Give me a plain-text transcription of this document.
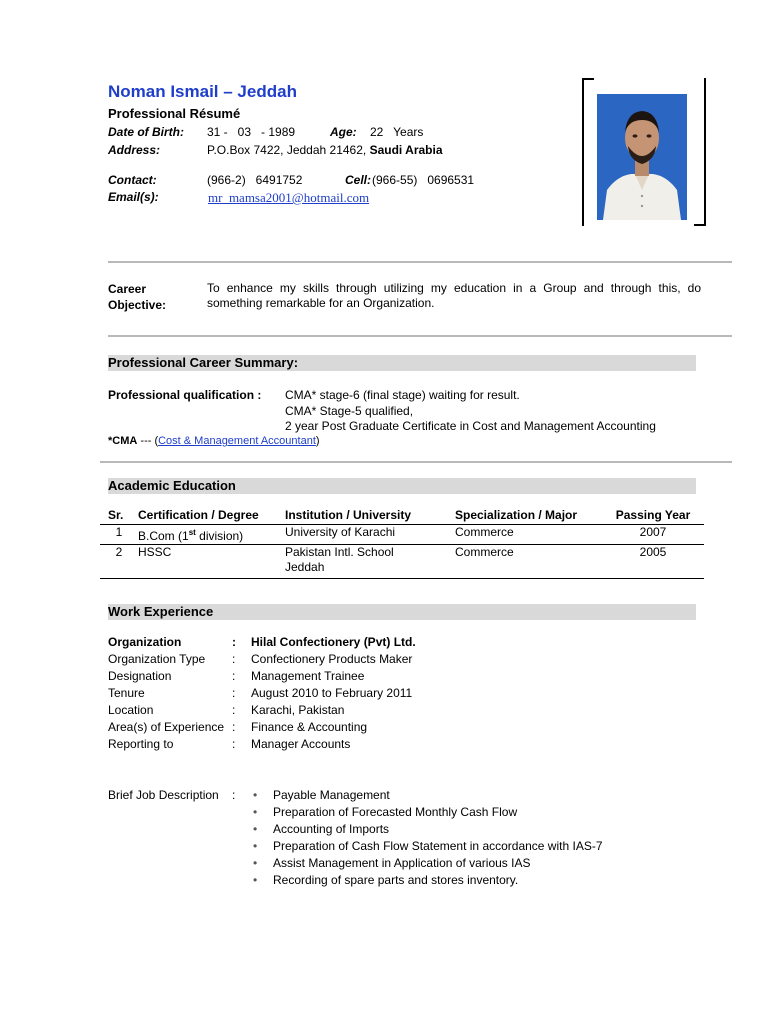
Noman Ismail – Jeddah
Professional Résumé
Date of Birth: 31 -   03   - 1989	Age: 22   Years
Address:	P.O.Box 7422, Jeddah 21462, Saudi Arabia
Contact:	(966-2)   6491752	Cell: (966-55)   0696531
Email(s):	mr_mamsa2001@hotmail.com
Career
Objective:
To enhance my skills through utilizing my education in a Group and through this, do something remarkable for an Organization.
Professional Career Summary:
Professional qualification : CMA* stage-6 (final stage) waiting for result.
CMA* Stage-5 qualified,
2 year Post Graduate Certificate in Cost and Management Accounting
*CMA --- (Cost & Management Accountant)
Academic Education
Sr.	Certification / Degree	Institution / University	Specialization / Major	Passing Year
1	B.Com (1st division)	University of Karachi	Commerce	2007
2	HSSC	Pakistan Intl. School Jeddah	Commerce	2005
Work Experience
Organization	: Hilal Confectionery (Pvt) Ltd.
Organization Type : Confectionery Products Maker
Designation	: Management Trainee
Tenure	: August 2010 to February 2011
Location	: Karachi, Pakistan
Area(s) of Experience : Finance & Accounting
Reporting to	: Manager Accounts
Brief Job Description :	• Payable Management
• Preparation of Forecasted Monthly Cash Flow
• Accounting of Imports
• Preparation of Cash Flow Statement in accordance with IAS-7
• Assist Management in Application of various IAS
• Recording of spare parts and stores inventory.
